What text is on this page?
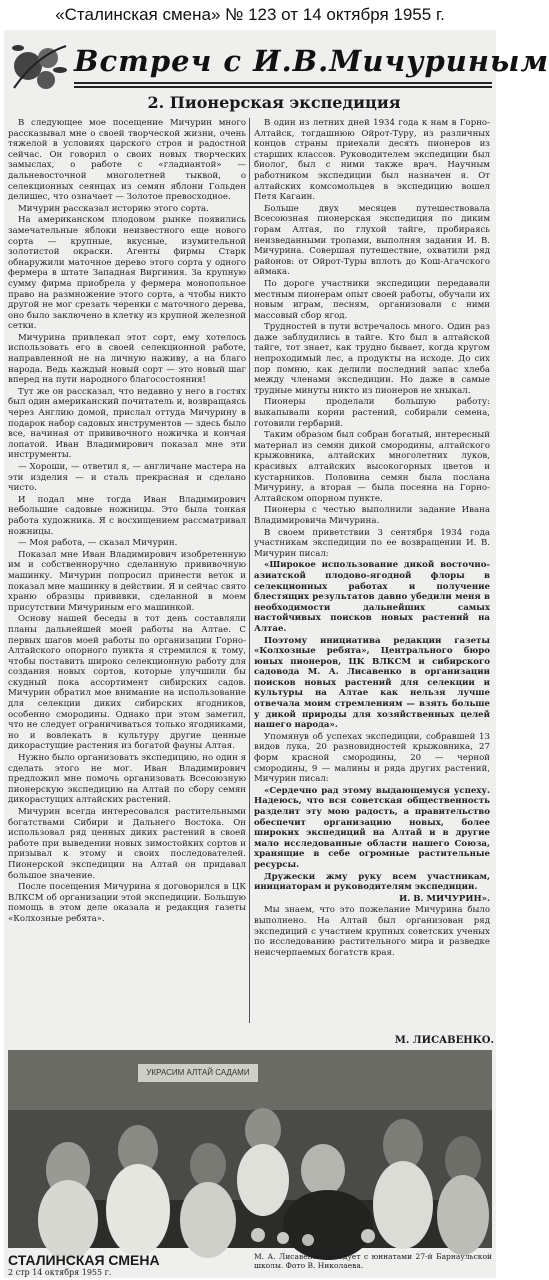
«Сталинская смена» № 123 от 14 октября 1955 г.
Встреч с И.В.Мичуриным
2. Пионерская экспедиция

В следующее мое посещение Мичурин много рассказывал мне о своей творческой жизни, очень тяжелой в условиях царского строя и радостной сейчас. Он говорил о своих новых творческих замыслах, о работе с «гладиантой» — дальневосточной многолетней тыквой, о селекционных сеянцах из семян яблони Гольден делишес, что означает — Золотое превосходное.

Мичурин рассказал историю этого сорта.

На американском плодовом рынке появились замечательные яблоки неизвестного еще нового сорта — крупные, вкусные, изумительной золотистой окраски. Агенты фирмы Старк обнаружили маточное дерево этого сорта у одного фермера в штате Западная Виргиния. За крупную сумму фирма приобрела у фермера монопольное право на размножение этого сорта, а чтобы никто другой не мог срезать черенки с маточного дерева, оно было заключено в клетку из крупной железной сетки.

Мичурина привлекал этот сорт, ему хотелось использовать его в своей селекционной работе, направленной не на личную наживу, а на благо народа. Ведь каждый новый сорт — это новый шаг вперед на пути народного благосостояния!

Тут же он рассказал, что недавно у него в гостях был один американский почитатель и, возвращаясь через Англию домой, прислал оттуда Мичурину в подарок набор садовых инструментов — здесь было все, начиная от прививочного ножичка и кончая лопатой. Иван Владимирович показал мне эти инструменты.

— Хороши, — ответил я, — англичане мастера на эти изделия — и сталь прекрасная и сделано чисто.

И подал мне тогда Иван Владимирович небольшие садовые ножницы. Это была тонкая работа художника. Я с восхищением рассматривал ножницы.

— Моя работа, — сказал Мичурин.

Показал мне Иван Владимирович изобретенную им и собственноручно сделанную прививочную машинку. Мичурин попросил принести веток и показал мне машинку в действии. Я и сейчас свято храню образцы прививки, сделанной в моем присутствии Мичуриным его машинкой.

Основу нашей беседы в тот день составляли планы дальнейшей моей работы на Алтае. С первых шагов моей работы по организации Горно-Алтайского опорного пункта я стремился к тому, чтобы поставить широко селекционную работу для создания новых сортов, которые улучшили бы скудный пока ассортимент сибирских садов. Мичурин обратил мое внимание на использование для селекции диких сибирских ягодников, особенно смородины. Однако при этом заметил, что не следует ограничиваться только ягодниками, но и вовлекать в культуру другие ценные дикорастущие растения из богатой фауны Алтая.

Нужно было организовать экспедицию, но один я сделать этого не мог. Иван Владимирович предложил мне помочь организовать Всесоюзную пионерскую экспедицию на Алтай по сбору семян дикорастущих алтайских растений.

Мичурин всегда интересовался растительными богатствами Сибири и Дальнего Востока. Он использовал ряд ценных диких растений в своей работе при выведении новых зимостойких сортов и призывал к этому и своих последователей. Пионерской экспедиции на Алтай он придавал большое значение.

После посещения Мичурина я договорился в ЦК ВЛКСМ об организации этой экспедиции. Большую помощь в этом деле оказала и редакция газеты «Колхозные ребята».

В один из летних дней 1934 года к нам в Горно-Алтайск, тогдашнюю Ойрот-Туру, из различных концов страны приехали десять пионеров из старших классов. Руководителем экспедиции был биолог, был с ними также врач. Научным работником экспедиции был назначен я. От алтайских комсомольцев в экспедицию вошел Петя Кагаин.

Больше двух месяцев путешествовала Всесоюзная пионерская экспедиция по диким горам Алтая, по глухой тайге, пробираясь неизведанными тропами, выполняя задания И. В. Мичурина. Совершая путешествие, охватили ряд районов: от Ойрот-Туры вплоть до Кош-Агачского аймака.

По дороге участники экспедиции передавали местным пионерам опыт своей работы, обучали их новым играм, песням, организовали с ними массовый сбор ягод.

Трудностей в пути встречалось много. Один раз даже заблудились в тайге. Кто был в алтайской тайге, тот знает, как трудно бывает, когда кругом непроходимый лес, а продукты на исходе. До сих пор помню, как делили последний запас хлеба между членами экспедиции. Но даже в самые трудные минуты никто из пионеров не хныкал.

Пионеры проделали большую работу: выкапывали корни растений, собирали семена, готовили гербарий.

Таким образом был собран богатый, интересный материал из семян дикой смородины, алтайского крыжовника, алтайских многолетних луков, красивых алтайских высокогорных цветов и кустарников. Половина семян была послана Мичурину, а вторая — была посеяна на Горно-Алтайском опорном пункте.

Пионеры с честью выполнили задание Ивана Владимировича Мичурина.

В своем приветствии 3 сентября 1934 года участникам экспедиции по ее возвращении И. В. Мичурин писал:

«Широкое использование дикой восточно-азиатской плодово-ягодной флоры в селекционных работах и получение блестящих результатов давно убедили меня в необходимости дальнейших самых настойчивых поисков новых растений на Алтае.

Поэтому инициатива редакции газеты «Колхозные ребята», Центрального бюро юных пионеров, ЦК ВЛКСМ и сибирского садовода М. А. Лисавенко в организации поисков новых растений для селекции и культуры на Алтае как нельзя лучше отвечала моим стремлениям — взять больше у дикой природы для хозяйственных целей нашего народа».

Упомянув об успехах экспедиции, собравшей 13 видов лука, 20 разновидностей крыжовника, 27 форм красной смородины, 20 — черной смородины, 9 — малины и ряда других растений, Мичурин писал:

«Сердечно рад этому выдающемуся успеху. Надеюсь, что вся советская общественность разделит эту мою радость, а правительство обеспечит организацию новых, более широких экспедиций на Алтай и в другие мало исследованные области нашего Союза, хранящие в себе огромные растительные ресурсы.

Дружески жму руку всем участникам, инициаторам и руководителям экспедиции.

И. В. МИЧУРИН».

Мы знаем, что это пожелание Мичурина было выполнено. На Алтай был организован ряд экспедиций с участием крупных советских ученых по исследованию растительного мира и разведке неисчерпаемых богатств края.

М. ЛИСАВЕНКО.
УКРАСИМ АЛТАЙ САДАМИ
СТАЛИНСКАЯ СМЕНА
2 стр 14 октября 1955 г.
М. А. Лисавенко беседует с юннатами 27-й Барнаульской школы. Фото В. Николаева.
